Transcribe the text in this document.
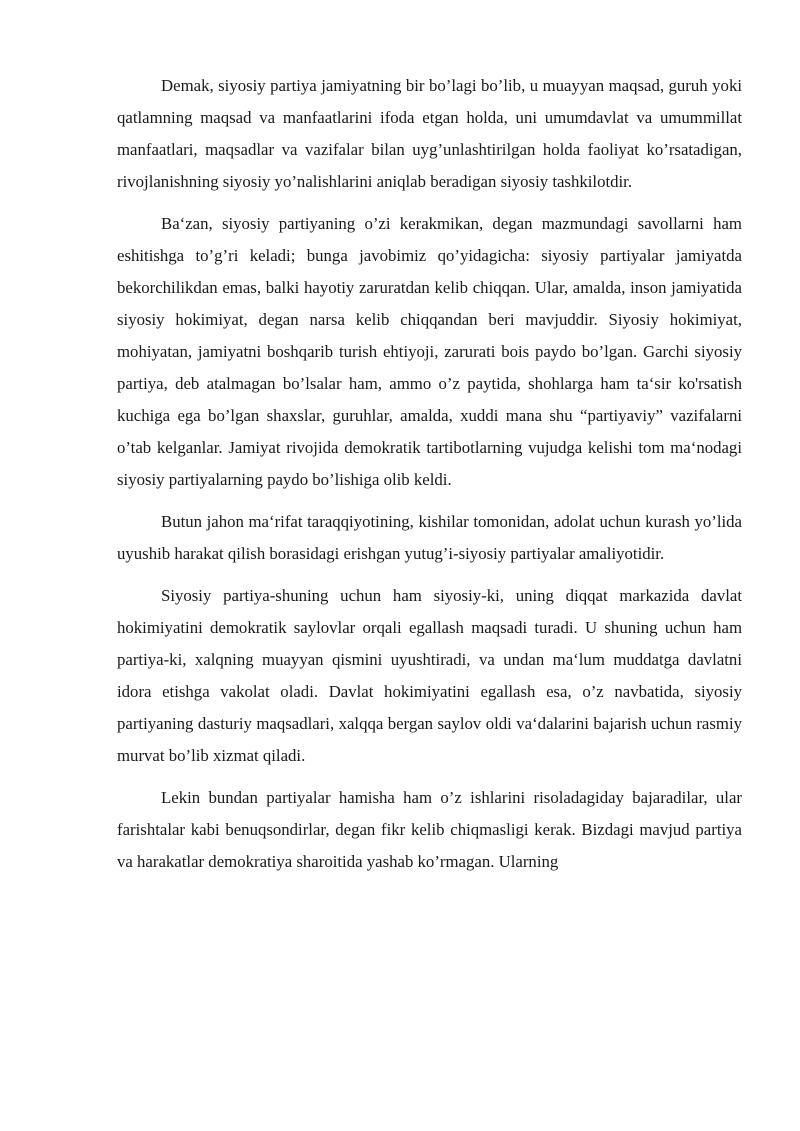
Demak, siyosiy partiya jamiyatning bir bo’lagi bo’lib, u muayyan maqsad, guruh yoki qatlamning maqsad va manfaatlarini ifoda etgan holda, uni umumdavlat va umummillat manfaatlari, maqsadlar va vazifalar bilan uyg’unlashtirilgan holda faoliyat ko’rsatadigan, rivojlanishning siyosiy yo’nalishlarini aniqlab beradigan siyosiy tashkilotdir.

Ba‘zan, siyosiy partiyaning o’zi kerakmikan, degan mazmundagi savollarni ham eshitishga to’g’ri keladi; bunga javobimiz qo’yidagicha: siyosiy partiyalar jamiyatda bekorchilikdan emas, balki hayotiy zaruratdan kelib chiqqan. Ular, amalda, inson jamiyatida siyosiy hokimiyat, degan narsa kelib chiqqandan beri mavjuddir. Siyosiy hokimiyat, mohiyatan, jamiyatni boshqarib turish ehtiyoji, zarurati bois paydo bo’lgan. Garchi siyosiy partiya, deb atalmagan bo’lsalar ham, ammo o’z paytida, shohlarga ham ta‘sir ko'rsatish kuchiga ega bo’lgan shaxslar, guruhlar, amalda, xuddi mana shu “partiyaviy” vazifalarni o’tab kelganlar. Jamiyat rivojida demokratik tartibotlarning vujudga kelishi tom ma‘nodagi siyosiy partiyalarning paydo bo’lishiga olib keldi.

Butun jahon ma‘rifat taraqqiyotining, kishilar tomonidan, adolat uchun kurash yo’lida uyushib harakat qilish borasidagi erishgan yutug’i-siyosiy partiyalar amaliyotidir.

Siyosiy partiya-shuning uchun ham siyosiy-ki, uning diqqat markazida davlat hokimiyatini demokratik saylovlar orqali egallash maqsadi turadi. U shuning uchun ham partiya-ki, xalqning muayyan qismini uyushtiradi, va undan ma‘lum muddatga davlatni idora etishga vakolat oladi. Davlat hokimiyatini egallash esa, o’z navbatida, siyosiy partiyaning dasturiy maqsadlari, xalqqa bergan saylov oldi va‘dalarini bajarish uchun rasmiy murvat bo’lib xizmat qiladi.

Lekin bundan partiyalar hamisha ham o’z ishlarini risoladagiday bajaradilar, ular farishtalar kabi benuqsondirlar, degan fikr kelib chiqmasligi kerak. Bizdagi mavjud partiya va harakatlar demokratiya sharoitida yashab ko’rmagan. Ularning
